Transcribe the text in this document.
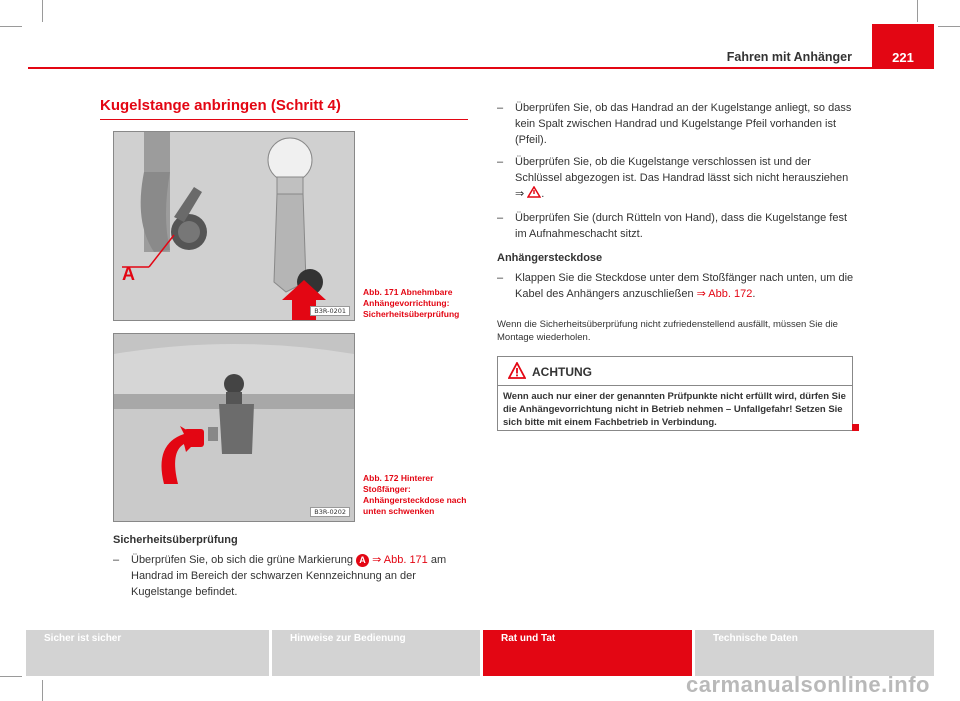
221
Fahren mit Anhänger
Kugelstange anbringen (Schritt 4)
A
B3R-0201
Abb. 171 Abnehmbare Anhängevorrichtung: Sicherheitsüberprüfung
B3R-0202
Abb. 172 Hinterer Stoßfänger: Anhängersteckdose nach unten schwenken
Sicherheitsüberprüfung
– Überprüfen Sie, ob sich die grüne Markierung A ⇒ Abb. 171 am Handrad im Bereich der schwarzen Kennzeichnung an der Kugelstange befindet.
– Überprüfen Sie, ob das Handrad an der Kugelstange anliegt, so dass kein Spalt zwischen Handrad und Kugelstange Pfeil vorhanden ist (Pfeil).
– Überprüfen Sie, ob die Kugelstange verschlossen ist und der Schlüssel abgezogen ist. Das Handrad lässt sich nicht herausziehen ⇒ .
– Überprüfen Sie (durch Rütteln von Hand), dass die Kugelstange fest im Aufnahmeschacht sitzt.
Anhängersteckdose
– Klappen Sie die Steckdose unter dem Stoßfänger nach unten, um die Kabel des Anhängers anzuschließen ⇒ Abb. 172.
Wenn die Sicherheitsüberprüfung nicht zufriedenstellend ausfällt, müssen Sie die Montage wiederholen.
ACHTUNG
Wenn auch nur einer der genannten Prüfpunkte nicht erfüllt wird, dürfen Sie die Anhängevorrichtung nicht in Betrieb nehmen – Unfallgefahr! Setzen Sie sich bitte mit einem Fachbetrieb in Verbindung.
Sicher ist sicher	Hinweise zur Bedienung	Rat und Tat	Technische Daten
carmanualsonline.info
